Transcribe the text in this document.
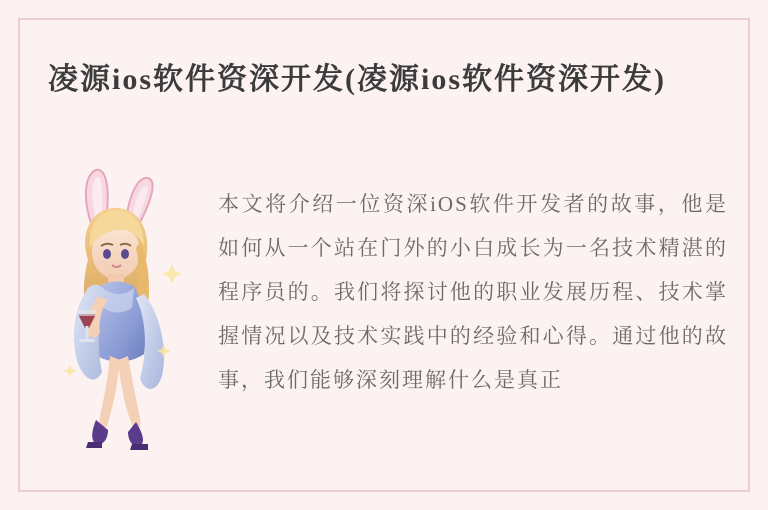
凌源ios软件资深开发(凌源ios软件资深开发)
本文将介绍一位资深iOS软件开发者的故事，他是如何从一个站在门外的小白成长为一名技术精湛的程序员的。我们将探讨他的职业发展历程、技术掌握情况以及技术实践中的经验和心得。通过他的故事，我们能够深刻理解什么是真正
